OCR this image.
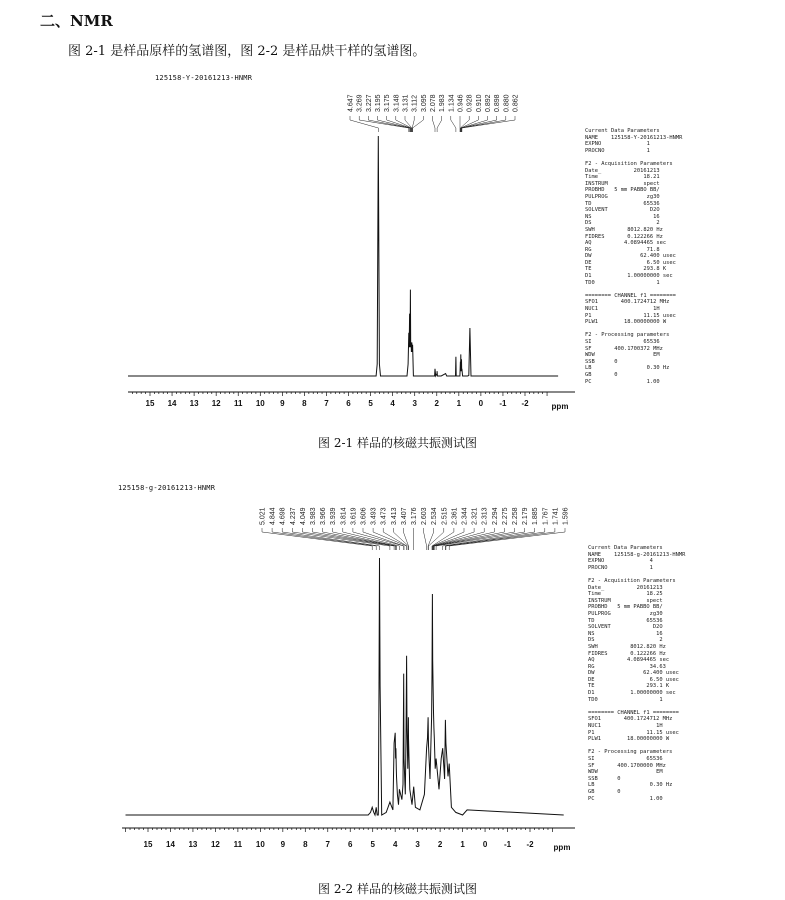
二、NMR
图 2-1 是样品原样的氢谱图，图 2-2 是样品烘干样的氢谱图。
125158-Y-20161213-HNMR
15 14 13 12 11 10 9 8 7 6 5 4 3 2 1 0 -1 -2	ppm
4.647 3.269 3.227 3.195 3.175 3.148 3.131 3.112 3.095 2.078 1.983 1.134 0.946 0.928 0.910 0.892 0.898 0.880 0.862
Current Data Parameters
NAME    125158-Y-20161213-HNMR
EXPNO              1
PROCNO             1

F2 - Acquisition Parameters
Date_          20161213
Time              18.21
INSTRUM           spect
PROBHD   5 mm PABBO BB/
PULPROG            zg30
TD                65536
SOLVENT             D2O
NS                   16
DS                    2
SWH          8012.820 Hz
FIDRES       0.122266 Hz
AQ          4.0894465 sec
RG                 71.8
DW               62.400 usec
DE                 6.50 usec
TE                293.8 K
D1           1.00000000 sec
TD0                   1

======== CHANNEL f1 ========
SFO1       400.1724712 MHz
NUC1                 1H
P1                11.15 usec
PLW1        18.00000000 W

F2 - Processing parameters
SI                65536
SF       400.1700372 MHz
WDW                  EM
SSB      0
LB                 0.30 Hz
GB       0
PC                 1.00
图 2-1 样品的核磁共振测试图
125158-g-20161213-HNMR
15 14 13 12 11 10 9 8 7 6 5 4 3 2 1 0 -1 -2 ppm
5.021 4.844 4.698 4.237 4.049 3.983 3.966 3.939 3.814 3.619 3.606 3.493 3.473 3.413 3.407 3.176 2.603 2.534 2.515 2.361 2.344 2.321 2.313 2.294 2.275 2.258 2.179 1.885 1.767 1.741 1.596
Current Data Parameters
NAME    125158-g-20161213-HNMR
EXPNO              4
PROCNO             1

F2 - Acquisition Parameters
Date_          20161213
Time              18.25
INSTRUM           spect
PROBHD   5 mm PABBO BB/
PULPROG            zg30
TD                65536
SOLVENT             D2O
NS                   16
DS                    2
SWH          8012.820 Hz
FIDRES       0.122266 Hz
AQ          4.0894465 sec
RG                 34.63
DW               62.400 usec
DE                 6.50 usec
TE                293.1 K
D1           1.00000000 sec
TD0                   1

======== CHANNEL f1 ========
SFO1       400.1724712 MHz
NUC1                 1H
P1                11.15 usec
PLW1        18.00000000 W

F2 - Processing parameters
SI                65536
SF       400.1700000 MHz
WDW                  EM
SSB      0
LB                 0.30 Hz
GB       0
PC                 1.00
图 2-2 样品的核磁共振测试图
